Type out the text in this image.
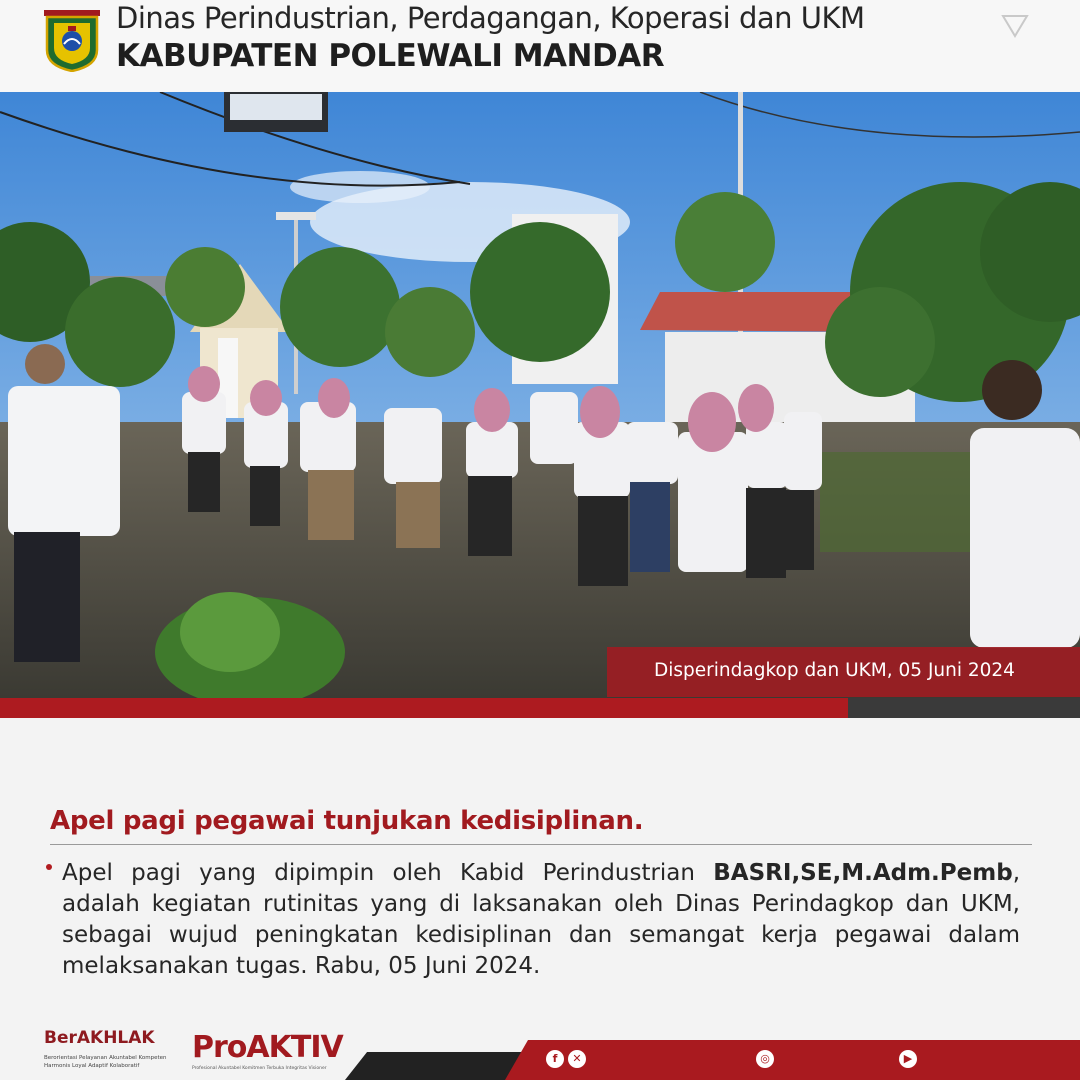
Dinas Perindustrian, Perdagangan, Koperasi dan UKM
KABUPATEN POLEWALI MANDAR
Disperindagkop dan UKM, 05 Juni 2024
Apel pagi pegawai tunjukan kedisiplinan.
Apel pagi yang dipimpin oleh Kabid Perindustrian BASRI,SE,M.Adm.Pemb, adalah kegiatan rutinitas yang di laksanakan oleh Dinas Perindagkop dan UKM, sebagai wujud peningkatan kedisiplinan dan semangat kerja pegawai dalam melaksanakan tugas. Rabu, 05 Juni 2024.
BerAKHLAK
Berorientasi Pelayanan Akuntabel Kompeten Harmonis Loyal Adaptif Kolaboratif
ProAKTIV
Profesional Akuntabel Komitmen Terbuka Integritas Visioner
f	✕	◎	▶
